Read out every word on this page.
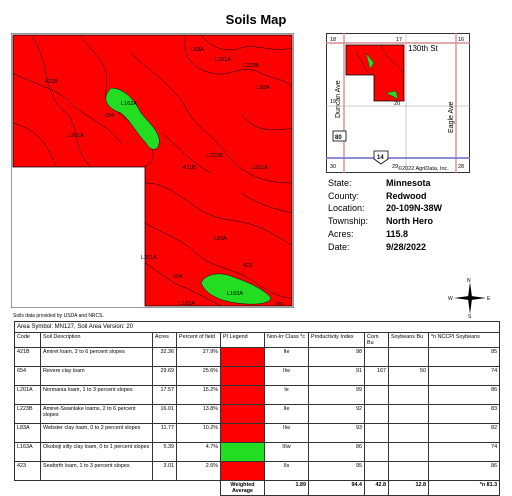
Soils Map
L83A
L201A
L223B
L83A
421B
L163A
654
L201A
L223B
421B	L201A
L83A
L201A
423
654
L163A
L163A	Inc.
18	17	16
19	20
30	29	28
130th St
Duncan Ave	Eagle Ave
80
14
©2022 AgriData, Inc.
State:	Minnesota
County:	Redwood
Location:	20-109N-38W
Township:	North Hero
Acres:	115.8
Date:	9/28/2022
N
S
W	E
Soils data provided by USDA and NRCS.
Area Symbol: MN127, Soil Area Version: 20									
Code	Soil Description	Acres	Percent of field	PI Legend	Non-Irr Class *c	Productivity Index	Corn Bu	Soybeans Bu	*n NCCPI Soybeans
421B	Amiret loam, 2 to 6 percent slopes	32.36	27.9%		IIe	98			85
654	Revere clay loam	29.69	25.6%		IIw	91	167	50	74
L201A	Normania loam, 1 to 3 percent slopes	17.57	15.2%		Ie	99			86
L223B	Amiret-Swanlake loams, 2 to 6 percent slopes	16.01	13.8%		IIe	92			83
L83A	Webster clay loam, 0 to 2 percent slopes	11.77	10.2%		IIw	93			82
L163A	Okoboji silty clay loam, 0 to 1 percent slopes	5.39	4.7%		IIIw	86			74
423	Seaforth loam, 1 to 3 percent slopes	3.01	2.6%		IIs	95			86
				Weighted Average	1.89	94.4	42.8	12.8	*n 81.3
